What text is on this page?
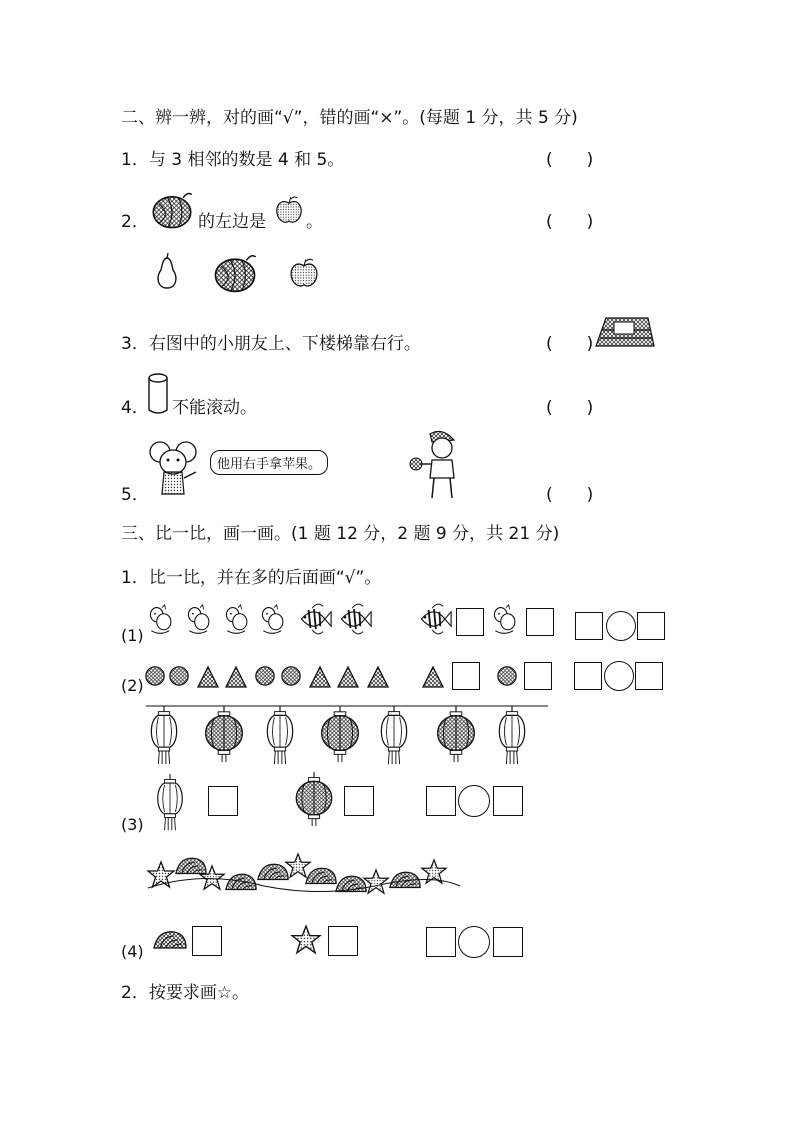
二、辨一辨，对的画“√”，错的画“×”。(每题 1 分，共 5 分)
1．与 3 相邻的数是 4 和 5。	(　　)
2．	的左边是 。	(　　)
3．右图中的小朋友上、下楼梯靠右行。	(　　)
4． 不能滚动。	(　　)
他用右手拿苹果。
5．	(　　)
三、比一比，画一画。(1 题 12 分，2 题 9 分，共 21 分)
1．比一比，并在多的后面画“√”。
(1)
(2)
(3)
(4)
2．按要求画☆。
